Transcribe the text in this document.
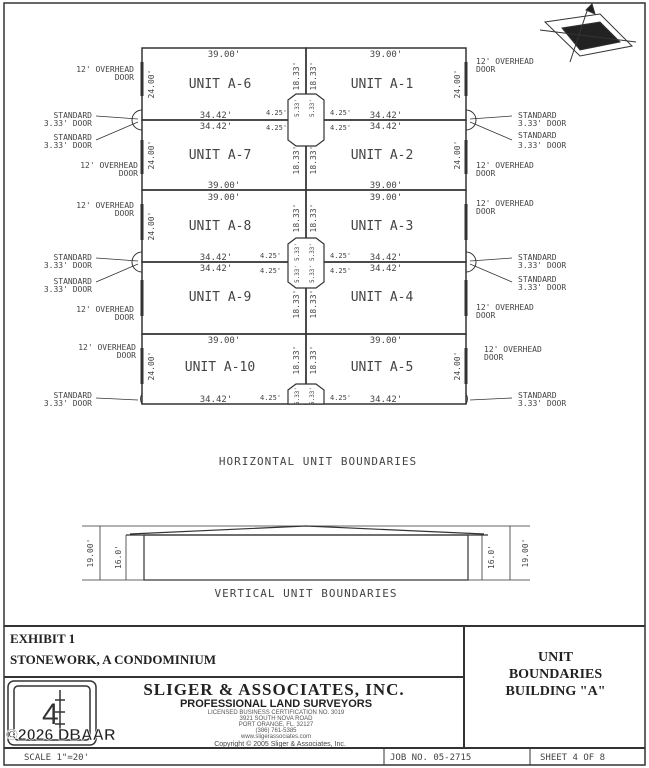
UNIT A-6	UNIT A-1
UNIT A-7	UNIT A-2
UNIT A-8	UNIT A-3
UNIT A-9	UNIT A-4
UNIT A-10	UNIT A-5
39.00'	39.00'
39.00'	39.00'
39.00'	39.00'
39.00'	39.00'
34.42'	34.42'
34.42'	34.42'
34.42'	34.42'
34.42'	34.42'
34.42'	34.42'
4.25'	4.25'
4.25'	4.25'
4.25'	4.25'
4.25'	4.25'
4.25'	4.25'
24.00'	24.00'
24.00'	24.00'
24.00'
24.00'	24.00'
18.33' 18.33'
18.33' 18.33'
18.33' 18.33'
18.33' 18.33'
18.33' 18.33'
5.33' 5.33'
5.33' 5.33'
5.33' 5.33'
5.33' 5.33'
12' OVERHEAD
DOOR
STANDARD
3.33' DOOR
STANDARD
3.33' DOOR
12' OVERHEAD
DOOR
12' OVERHEAD
DOOR
STANDARD
3.33' DOOR
STANDARD
3.33' DOOR
12' OVERHEAD
DOOR
12' OVERHEAD
DOOR
STANDARD
3.33' DOOR
12' OVERHEAD
DOOR
STANDARD
3.33' DOOR
STANDARD
3.33' DOOR
12' OVERHEAD
DOOR
12' OVERHEAD
DOOR
STANDARD
3.33' DOOR
STANDARD
3.33' DOOR
12' OVERHEAD
DOOR
12' OVERHEAD
DOOR
STANDARD
3.33' DOOR
HORIZONTAL UNIT BOUNDARIES
19.00' 16.0'	16.0'	19.00'
VERTICAL UNIT BOUNDARIES
4
SLIGER & ASSOCIATES, INC.
PROFESSIONAL LAND SURVEYORS
LICENSED BUSINESS CERTIFICATION NO. 3019
3921 SOUTH NOVA ROAD
PORT ORANGE, FL. 32127
(386) 761-5385
www.sligerassociates.com
Copyright © 2005 Sliger & Associates, Inc.
SCALE 1"=20'	JOB NO. 05-2715	SHEET 4 OF 8
©2026 DBAAR
EXHIBIT 1
STONEWORK, A CONDOMINIUM	UNIT
BOUNDARIES
BUILDING "A"
